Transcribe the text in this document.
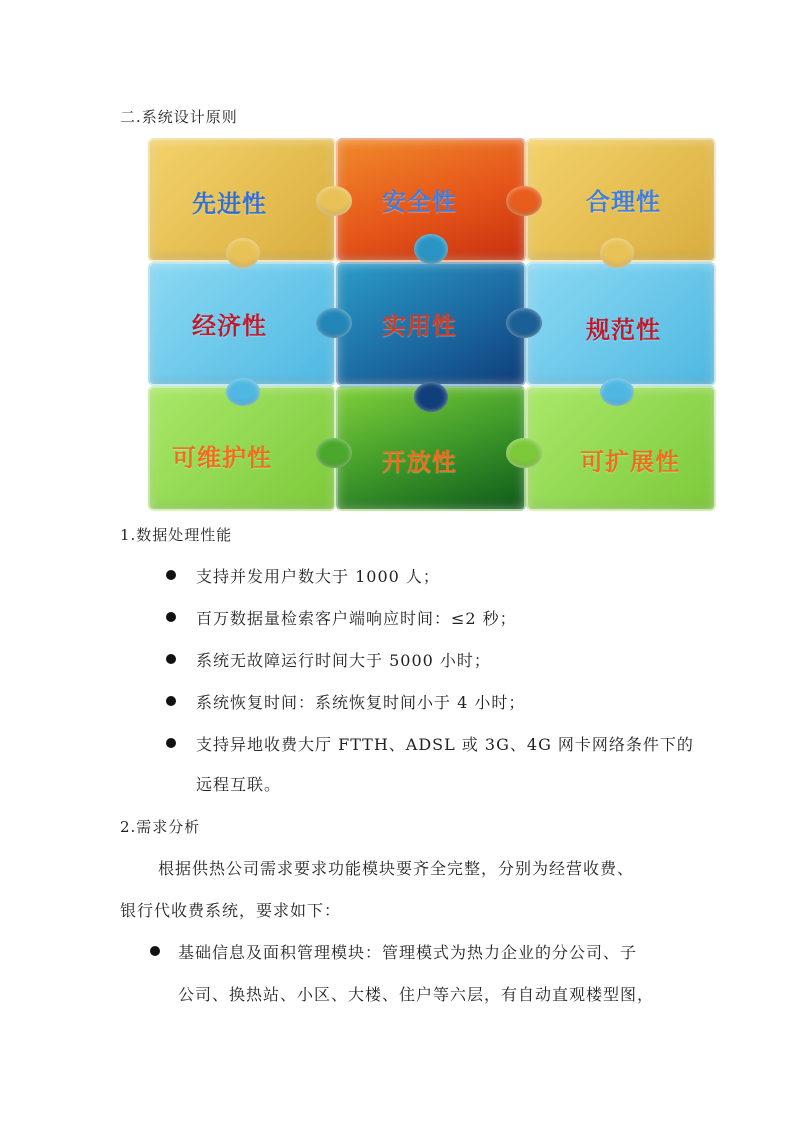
二.系统设计原则
先进性	安全性	合理性
经济性	实用性	规范性
可维护性	开放性	可扩展性
1.数据处理性能
支持并发用户数大于 1000 人；
百万数据量检索客户端响应时间：≤2 秒；
系统无故障运行时间大于 5000 小时；
系统恢复时间：系统恢复时间小于 4 小时；
支持异地收费大厅 FTTH、ADSL 或 3G、4G 网卡网络条件下的
远程互联。
2.需求分析
根据供热公司需求要求功能模块要齐全完整，分别为经营收费、
银行代收费系统，要求如下：
基础信息及面积管理模块：管理模式为热力企业的分公司、子
公司、换热站、小区、大楼、住户等六层，有自动直观楼型图，
